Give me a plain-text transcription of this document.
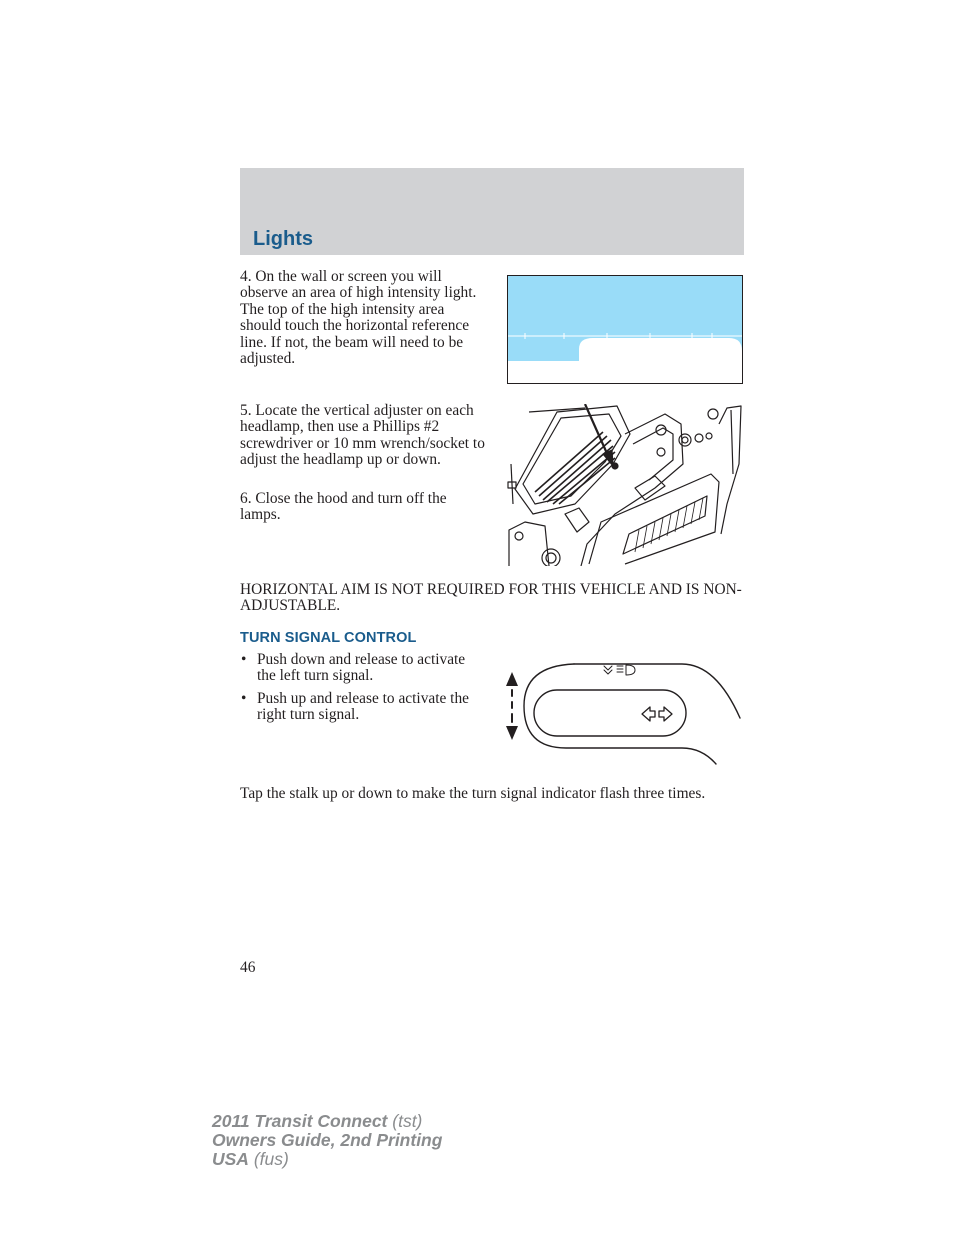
Lights
4. On the wall or screen you will observe an area of high intensity light. The top of the high intensity area should touch the horizontal reference line. If not, the beam will need to be adjusted.
5. Locate the vertical adjuster on each headlamp, then use a Phillips #2 screwdriver or 10 mm wrench/socket to adjust the headlamp up or down.
6. Close the hood and turn off the lamps.
HORIZONTAL AIM IS NOT REQUIRED FOR THIS VEHICLE AND IS NON-ADJUSTABLE.
TURN SIGNAL CONTROL
• Push down and release to activate the left turn signal.
• Push up and release to activate the right turn signal.
Tap the stalk up or down to make the turn signal indicator flash three times.
46
2011 Transit Connect (tst)
Owners Guide, 2nd Printing
USA (fus)
